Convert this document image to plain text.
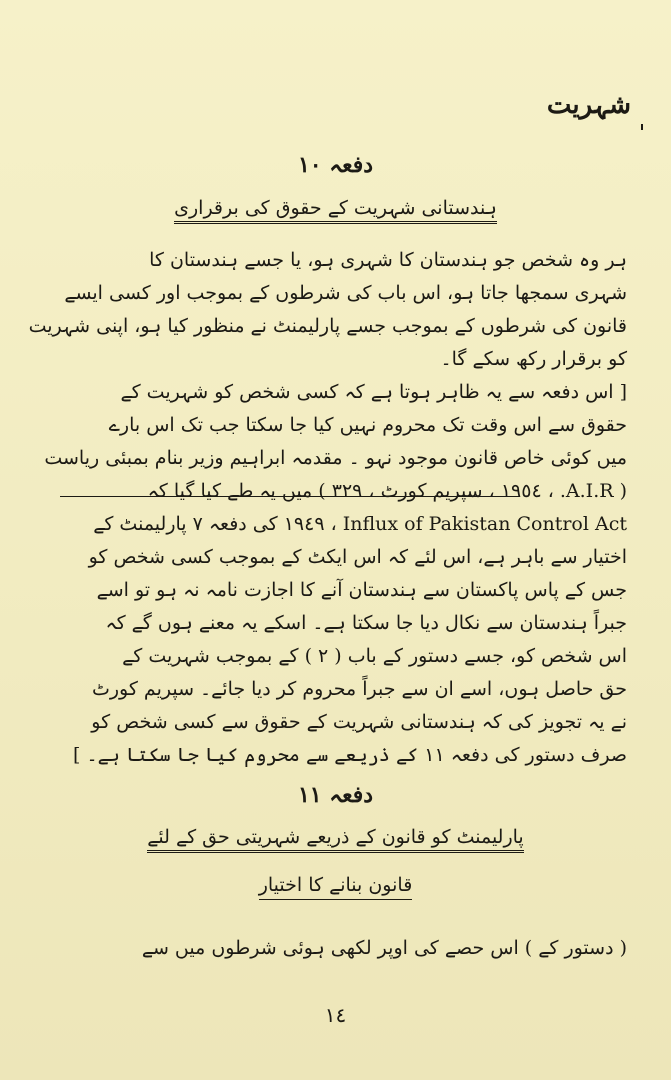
شہریت
دفعہ ١٠
ہندستانی شہریت کے حقوق کی برقراری
ہر وہ شخص جو ہندستان کا شہری ہو، یا جسے ہندستان کا
شہری سمجھا جاتا ہو، اس باب کی شرطوں کے بموجب اور کسی ایسے
قانون کی شرطوں کے بموجب جسے پارلیمنٹ نے منظور کیا ہو، اپنی شہریت
کو برقرار رکھ سکے گا۔
[ اس دفعہ سے یہ ظاہر ہوتا ہے کہ کسی شخص کو شہریت کے
حقوق سے اس وقت تک محروم نہیں کیا جا سکتا جب تک اس بارے
میں کوئی خاص قانون موجود نہو ۔ مقدمہ ابراہیم وزیر بنام بمبئی ریاست
( A.I.R. ، ١٩٥٤ ، سپریم کورٹ ، ٣٢٩ ) میں یہ طے کیا گیا کہ
Influx of Pakistan Control Act ، ١٩٤٩ کی دفعہ ٧ پارلیمنٹ کے
اختیار سے باہر ہے، اس لئے کہ اس ایکٹ کے بموجب کسی شخص کو
جس کے پاس پاکستان سے ہندستان آنے کا اجازت نامہ نہ ہو تو اسے
جبراً ہندستان سے نکال دیا جا سکتا ہے۔ اسکے یہ معنے ہوں گے کہ
اس شخص کو، جسے دستور کے باب ( ٢ ) کے بموجب شہریت کے
حق حاصل ہوں، اسے ان سے جبراً محروم کر دیا جائے۔ سپریم کورٹ
نے یہ تجویز کی کہ ہندستانی شہریت کے حقوق سے کسی شخص کو
صرف دستور کی دفعہ ١١ کے ذریعے سے محروم کیا جا سکتا ہے۔ ]
دفعہ ١١
پارلیمنٹ کو قانون کے ذریعے شہریتی حق کے لئے
قانون بنانے کا اختیار
( دستور کے ) اس حصے کی اوپر لکھی ہوئی شرطوں میں سے
١٤
